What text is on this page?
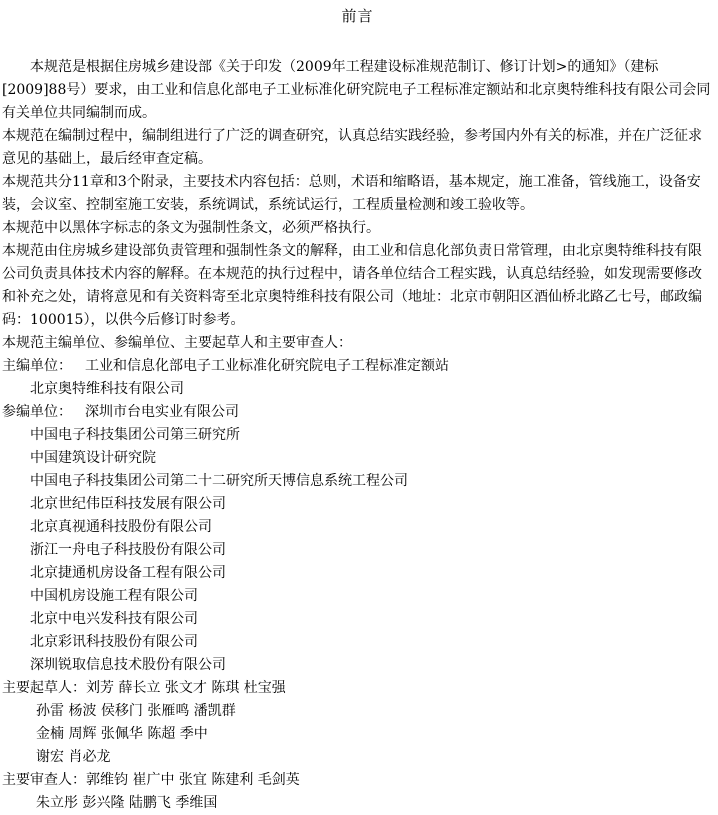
前言

本规范是根据住房城乡建设部《关于印发（2009年工程建设标准规范制订、修订计划>的通知》（建标[2009]88号）要求，由工业和信息化部电子工业标准化研究院电子工程标准定额站和北京奥特维科技有限公司会同有关单位共同编制而成。

本规范在编制过程中，编制组进行了广泛的调查研究，认真总结实践经验，参考国内外有关的标准，并在广泛征求意见的基础上，最后经审查定稿。

本规范共分11章和3个附录，主要技术内容包括：总则，术语和缩略语，基本规定，施工准备，管线施工，设备安装，会议室、控制室施工安装，系统调试，系统试运行，工程质量检测和竣工验收等。

本规范中以黑体字标志的条文为强制性条文，必须严格执行。

本规范由住房城乡建设部负责管理和强制性条文的解释，由工业和信息化部负责日常管理，由北京奥特维科技有限公司负责具体技术内容的解释。在本规范的执行过程中，请各单位结合工程实践，认真总结经验，如发现需要修改和补充之处，请将意见和有关资料寄至北京奥特维科技有限公司（地址：北京市朝阳区酒仙桥北路乙七号，邮政编码：100015），以供今后修订时参考。

本规范主编单位、参编单位、主要起草人和主要审查人：

主编单位： 工业和信息化部电子工业标准化研究院电子工程标准定额站
北京奥特维科技有限公司
参编单位： 深圳市台电实业有限公司
中国电子科技集团公司第三研究所
中国建筑设计研究院
中国电子科技集团公司第二十二研究所天博信息系统工程公司
北京世纪伟臣科技发展有限公司
北京真视通科技股份有限公司
浙江一舟电子科技股份有限公司
北京捷通机房设备工程有限公司
中国机房设施工程有限公司
北京中电兴发科技有限公司
北京彩讯科技股份有限公司
深圳锐取信息技术股份有限公司
主要起草人：刘芳 薛长立 张文才 陈琪 杜宝强
孙雷 杨波 侯移门 张雁鸣 潘凯群
金楠 周辉 张佩华 陈超 季中
谢宏 肖必龙
主要审查人：郭维钧 崔广中 张宜 陈建利 毛剑英
朱立彤 彭兴隆 陆鹏飞 季维国
